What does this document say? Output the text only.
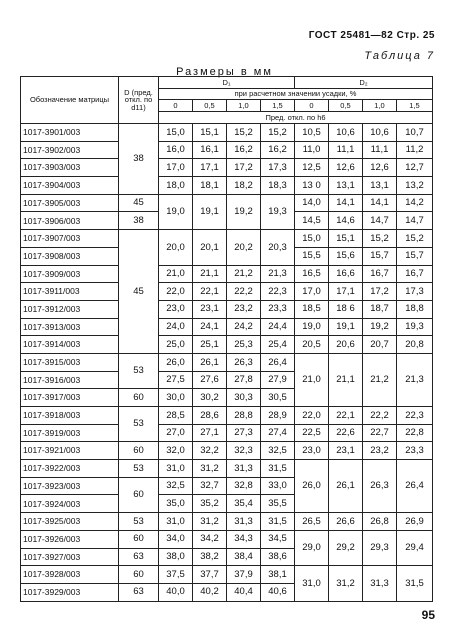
ГОСТ 25481—82 Стр. 25
Таблица 7
Размеры в мм
Обозначение матрицы	D (пред. откл. по d11)	D₁				D₂			
		при расчетном значении усадки, %							
		0	0,5	1,0	1,5	0	0,5	1,0	1,5
		Пред. откл. по h6							
1017-3901/003	38	15,0	15,1	15,2	15,2	10,5	10,6	10,6	10,7
1017-3902/003		16,0	16,1	16,2	16,2	11,0	11,1	11,1	11,2
1017-3903/003		17,0	17,1	17,2	17,3	12,5	12,6	12,6	12,7
1017-3904/003		18,0	18,1	18,2	18,3	13 0	13,1	13,1	13,2
1017-3905/003	45	19,0	19,1	19,2	19,3	14,0	14,1	14,1	14,2
1017-3906/003	38					14,5	14,6	14,7	14,7
1017-3907/003	45	20,0	20,1	20,2	20,3	15,0	15,1	15,2	15,2
1017-3908/003						15,5	15,6	15,7	15,7
1017-3909/003		21,0	21,1	21,2	21,3	16,5	16,6	16,7	16,7
1017-3911/003		22,0	22,1	22,2	22,3	17,0	17,1	17,2	17,3
1017-3912/003		23,0	23,1	23,2	23,3	18,5	18 6	18,7	18,8
1017-3913/003		24,0	24,1	24,2	24,4	19,0	19,1	19,2	19,3
1017-3914/003		25,0	25,1	25,3	25,4	20,5	20,6	20,7	20,8
1017-3915/003	53	26,0	26,1	26,3	26,4	21,0	21,1	21,2	21,3
1017-3916/003		27,5	27,6	27,8	27,9				
1017-3917/003	60	30,0	30,2	30,3	30,5				
1017-3918/003	53	28,5	28,6	28,8	28,9	22,0	22,1	22,2	22,3
1017-3919/003		27,0	27,1	27,3	27,4	22,5	22,6	22,7	22,8
1017-3921/003	60	32,0	32,2	32,3	32,5	23,0	23,1	23,2	23,3
1017-3922/003	53	31,0	31,2	31,3	31,5	26,0	26,1	26,3	26,4
1017-3923/003	60	32,5	32,7	32,8	33,0				
1017-3924/003		35,0	35,2	35,4	35,5				
1017-3925/003	53	31,0	31,2	31,3	31,5	26,5	26,6	26,8	26,9
1017-3926/003	60	34,0	34,2	34,3	34,5	29,0	29,2	29,3	29,4
1017-3927/003	63	38,0	38,2	38,4	38,6				
1017-3928/003	60	37,5	37,7	37,9	38,1	31,0	31,2	31,3	31,5
1017-3929/003	63	40,0	40,2	40,4	40,6				
95
